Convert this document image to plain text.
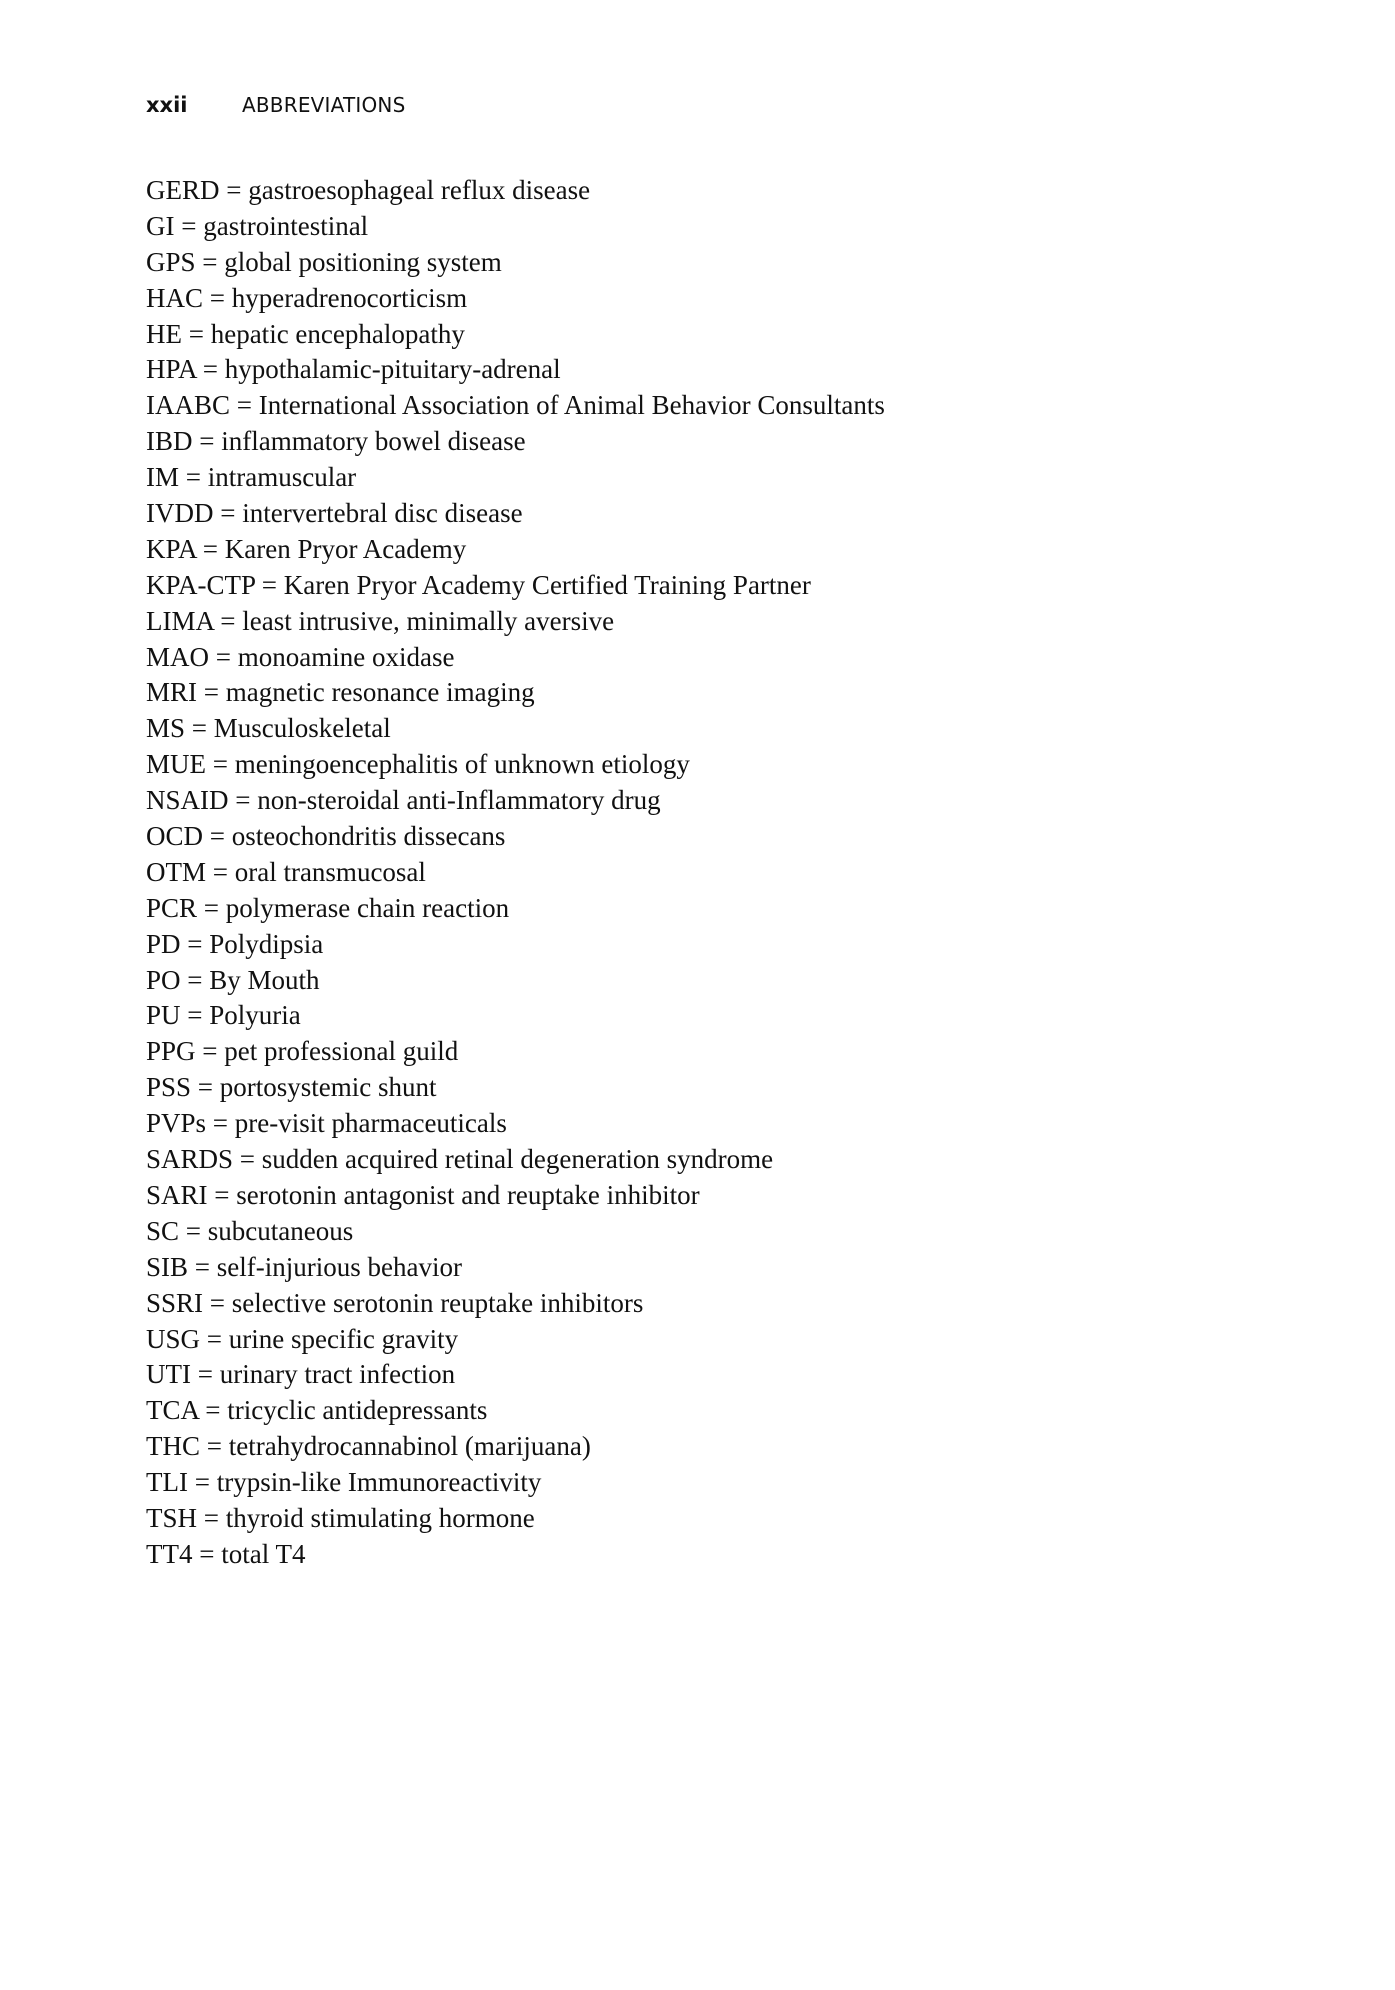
xxii	ABBREVIATIONS
GERD = gastroesophageal reflux disease
GI = gastrointestinal
GPS = global positioning system
HAC = hyperadrenocorticism
HE = hepatic encephalopathy
HPA = hypothalamic-pituitary-adrenal
IAABC = International Association of Animal Behavior Consultants
IBD = inflammatory bowel disease
IM = intramuscular
IVDD = intervertebral disc disease
KPA = Karen Pryor Academy
KPA-CTP = Karen Pryor Academy Certified Training Partner
LIMA = least intrusive, minimally aversive
MAO = monoamine oxidase
MRI = magnetic resonance imaging
MS = Musculoskeletal
MUE = meningoencephalitis of unknown etiology
NSAID = non-steroidal anti-Inflammatory drug
OCD = osteochondritis dissecans
OTM = oral transmucosal
PCR = polymerase chain reaction
PD = Polydipsia
PO = By Mouth
PU = Polyuria
PPG = pet professional guild
PSS = portosystemic shunt
PVPs = pre-visit pharmaceuticals
SARDS = sudden acquired retinal degeneration syndrome
SARI = serotonin antagonist and reuptake inhibitor
SC = subcutaneous
SIB = self-injurious behavior
SSRI = selective serotonin reuptake inhibitors
USG = urine specific gravity
UTI = urinary tract infection
TCA = tricyclic antidepressants
THC = tetrahydrocannabinol (marijuana)
TLI = trypsin-like Immunoreactivity
TSH = thyroid stimulating hormone
TT4 = total T4
